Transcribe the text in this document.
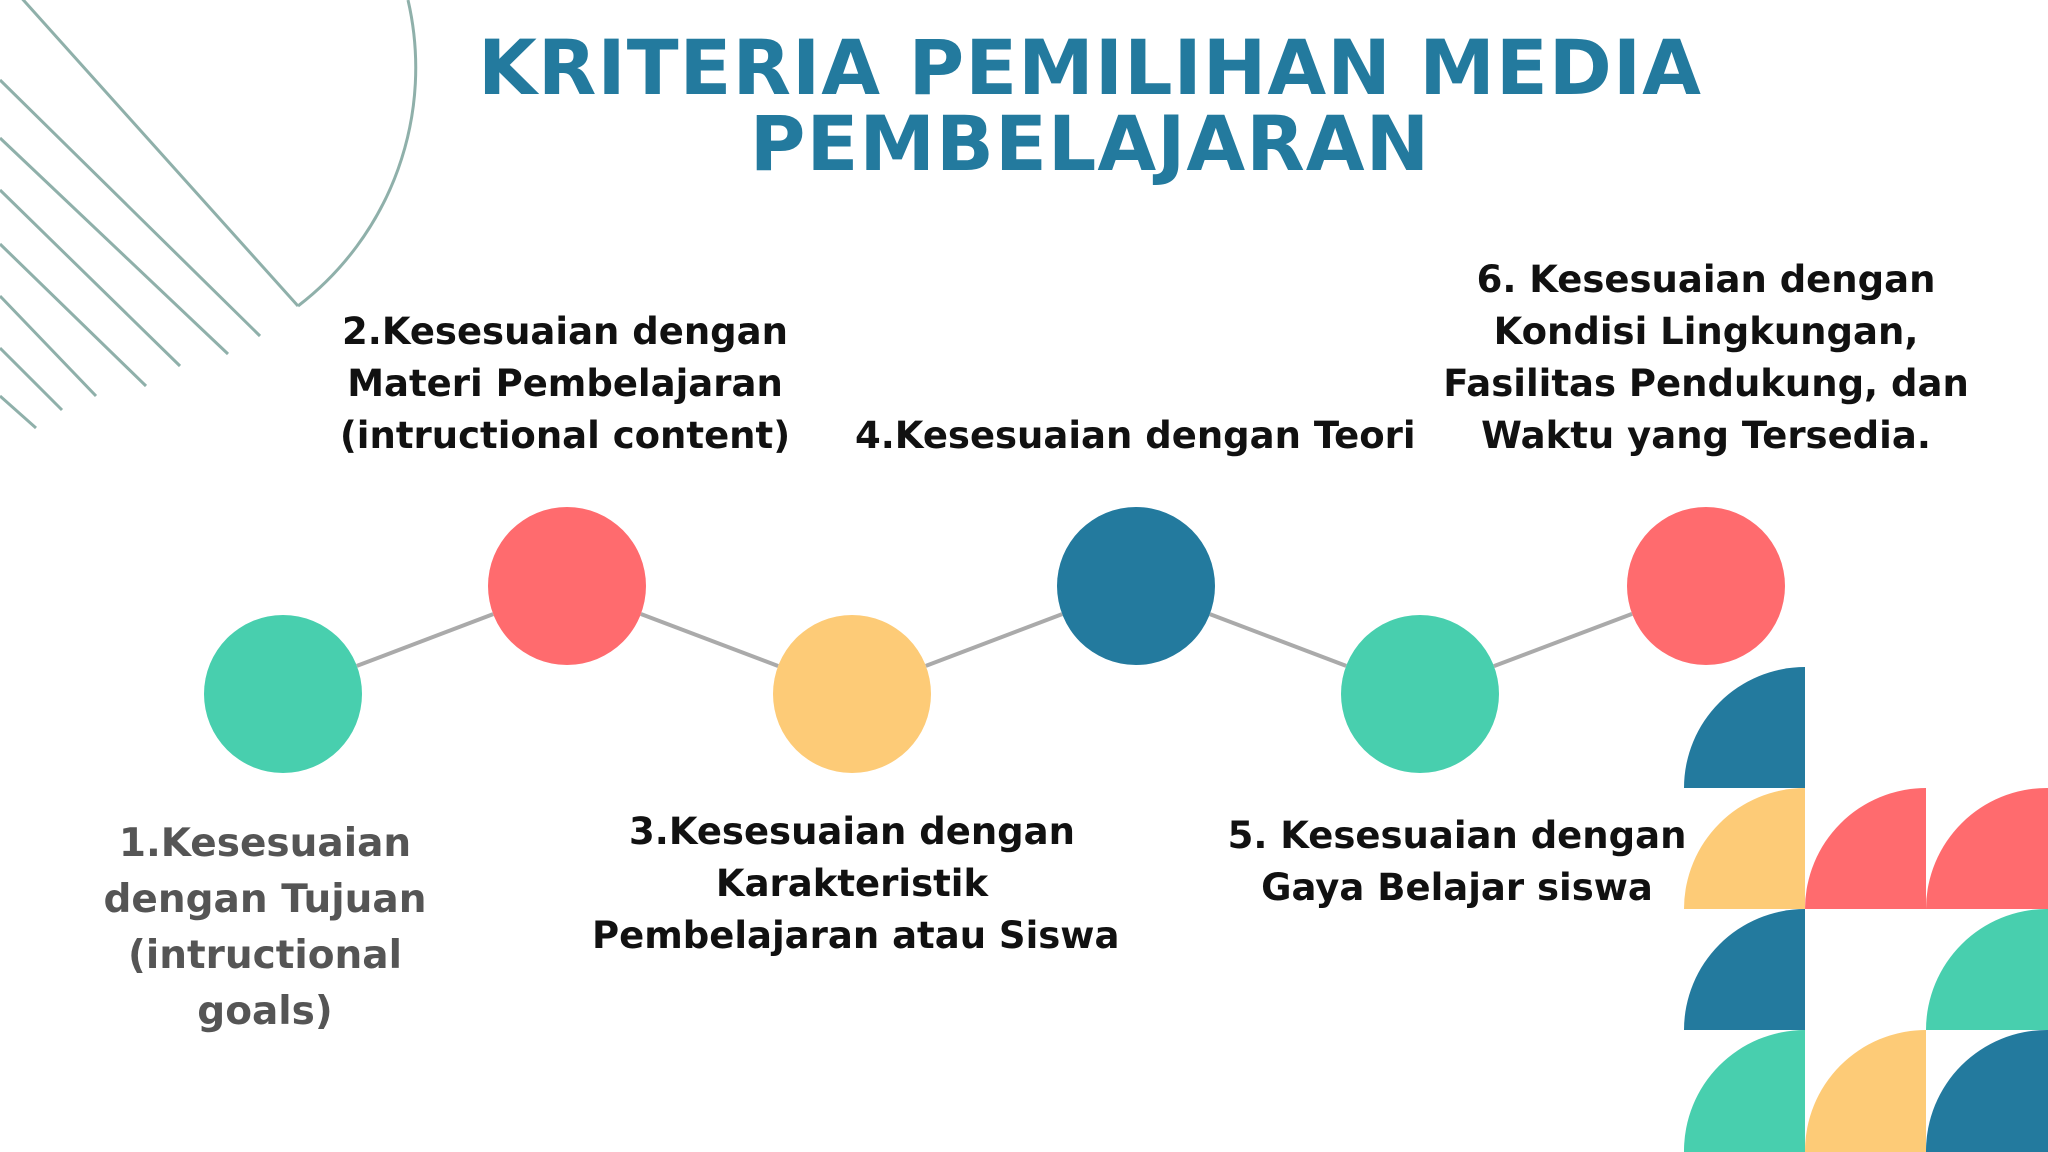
KRITERIA PEMILIHAN MEDIA
PEMBELAJARAN
1.Kesesuaian
dengan Tujuan
(intructional
goals)
2.Kesesuaian dengan
Materi Pembelajaran
(intructional content)
3.Kesesuaian dengan
Karakteristik
Pembelajaran atau Siswa
4.Kesesuaian dengan Teori
5. Kesesuaian dengan
Gaya Belajar siswa
6. Kesesuaian dengan
Kondisi Lingkungan,
Fasilitas Pendukung, dan
Waktu yang Tersedia.
